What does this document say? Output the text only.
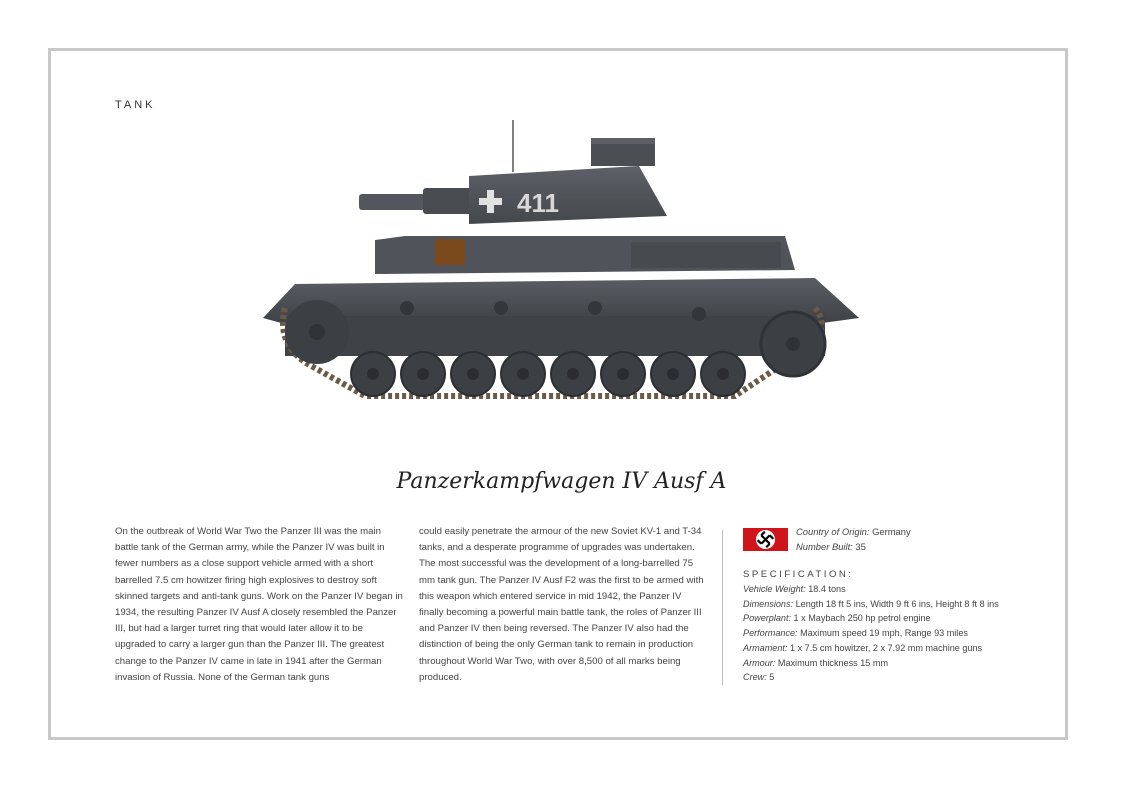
TANK
411
Panzerkampfwagen IV Ausf A
On the outbreak of World War Two the Panzer III was the main battle tank of the German army, while the Panzer IV was built in fewer numbers as a close support vehicle armed with a short barrelled 7.5 cm howitzer firing high explosives to destroy soft skinned targets and anti-tank guns. Work on the Panzer IV began in 1934, the resulting Panzer IV Ausf A closely resembled the Panzer III, but had a larger turret ring that would later allow it to be upgraded to carry a larger gun than the Panzer III. The greatest change to the Panzer IV came in late in 1941 after the German invasion of Russia. None of the German tank guns
could easily penetrate the armour of the new Soviet KV-1 and T-34 tanks, and a desperate programme of upgrades was undertaken. The most successful was the development of a long-barrelled 75 mm tank gun. The Panzer IV Ausf F2 was the first to be armed with this weapon which entered service in mid 1942, the Panzer IV finally becoming a powerful main battle tank, the roles of Panzer III and Panzer IV then being reversed. The Panzer IV also had the distinction of being the only German tank to remain in production throughout World War Two, with over 8,500 of all marks being produced.
Country of Origin: Germany
Number Built: 35
SPECIFICATION:
Vehicle Weight: 18.4 tons
Dimensions: Length 18 ft 5 ins, Width 9 ft 6 ins, Height 8 ft 8 ins
Powerplant: 1 x Maybach 250 hp petrol engine
Performance: Maximum speed 19 mph, Range 93 miles
Armament: 1 x 7.5 cm howitzer, 2 x 7.92 mm machine guns
Armour: Maximum thickness 15 mm
Crew: 5
